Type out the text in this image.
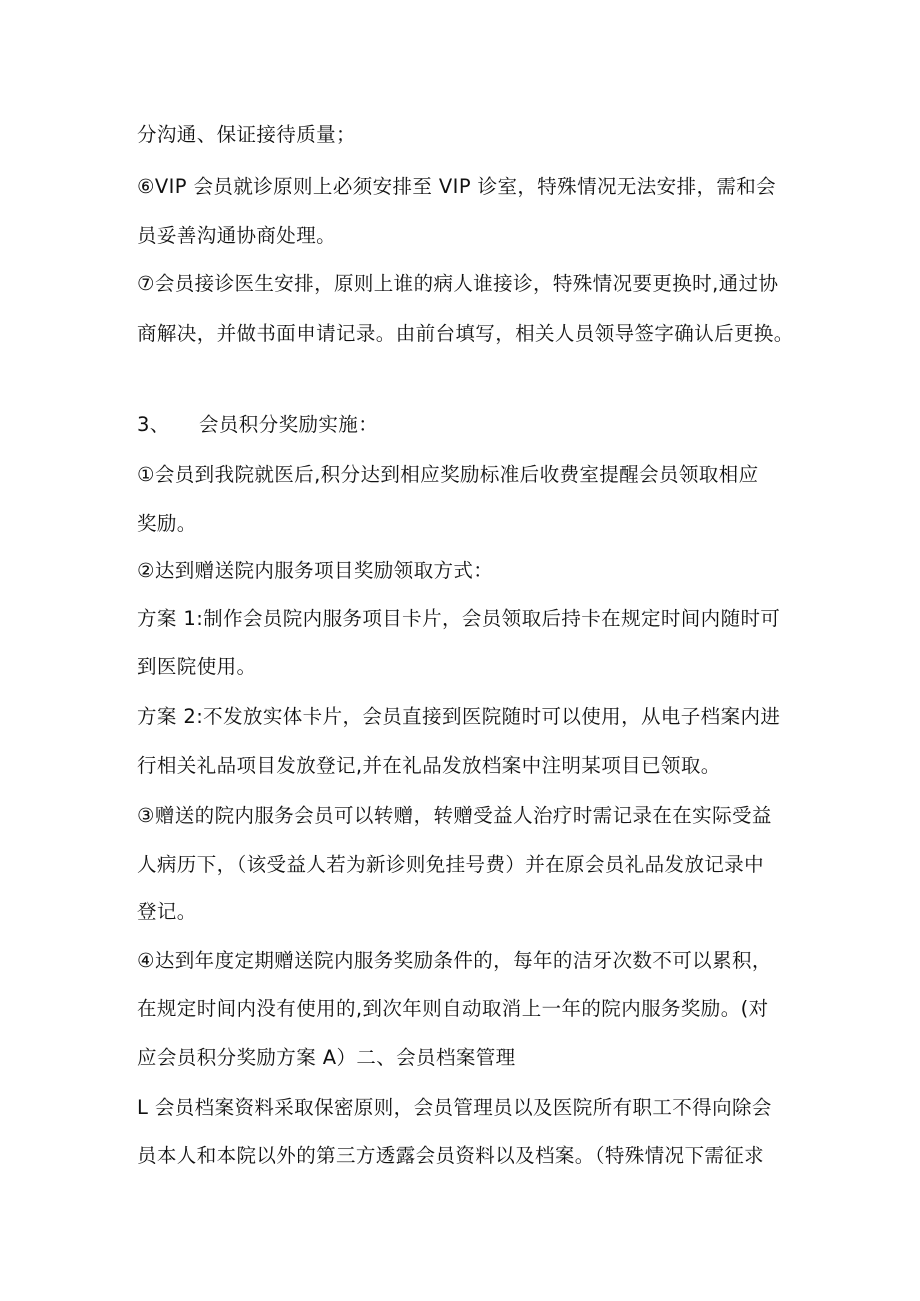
分沟通、保证接待质量；
⑥VIP 会员就诊原则上必须安排至 VIP 诊室，特殊情况无法安排，需和会
员妥善沟通协商处理。
⑦会员接诊医生安排，原则上谁的病人谁接诊，特殊情况要更换时,通过协
商解决，并做书面申请记录。由前台填写，相关人员领导签字确认后更换。
3、 会员积分奖励实施：
①会员到我院就医后,积分达到相应奖励标准后收费室提醒会员领取相应
奖励。
②达到赠送院内服务项目奖励领取方式：
方案 1:制作会员院内服务项目卡片，会员领取后持卡在规定时间内随时可
到医院使用。
方案 2:不发放实体卡片，会员直接到医院随时可以使用，从电子档案内进
行相关礼品项目发放登记,并在礼品发放档案中注明某项目已领取。
③赠送的院内服务会员可以转赠，转赠受益人治疗时需记录在在实际受益
人病历下，（该受益人若为新诊则免挂号费）并在原会员礼品发放记录中
登记。
④达到年度定期赠送院内服务奖励条件的，每年的洁牙次数不可以累积，
在规定时间内没有使用的,到次年则自动取消上一年的院内服务奖励。(对
应会员积分奖励方案 A）二、会员档案管理
L 会员档案资料采取保密原则，会员管理员以及医院所有职工不得向除会
员本人和本院以外的第三方透露会员资料以及档案。（特殊情况下需征求
